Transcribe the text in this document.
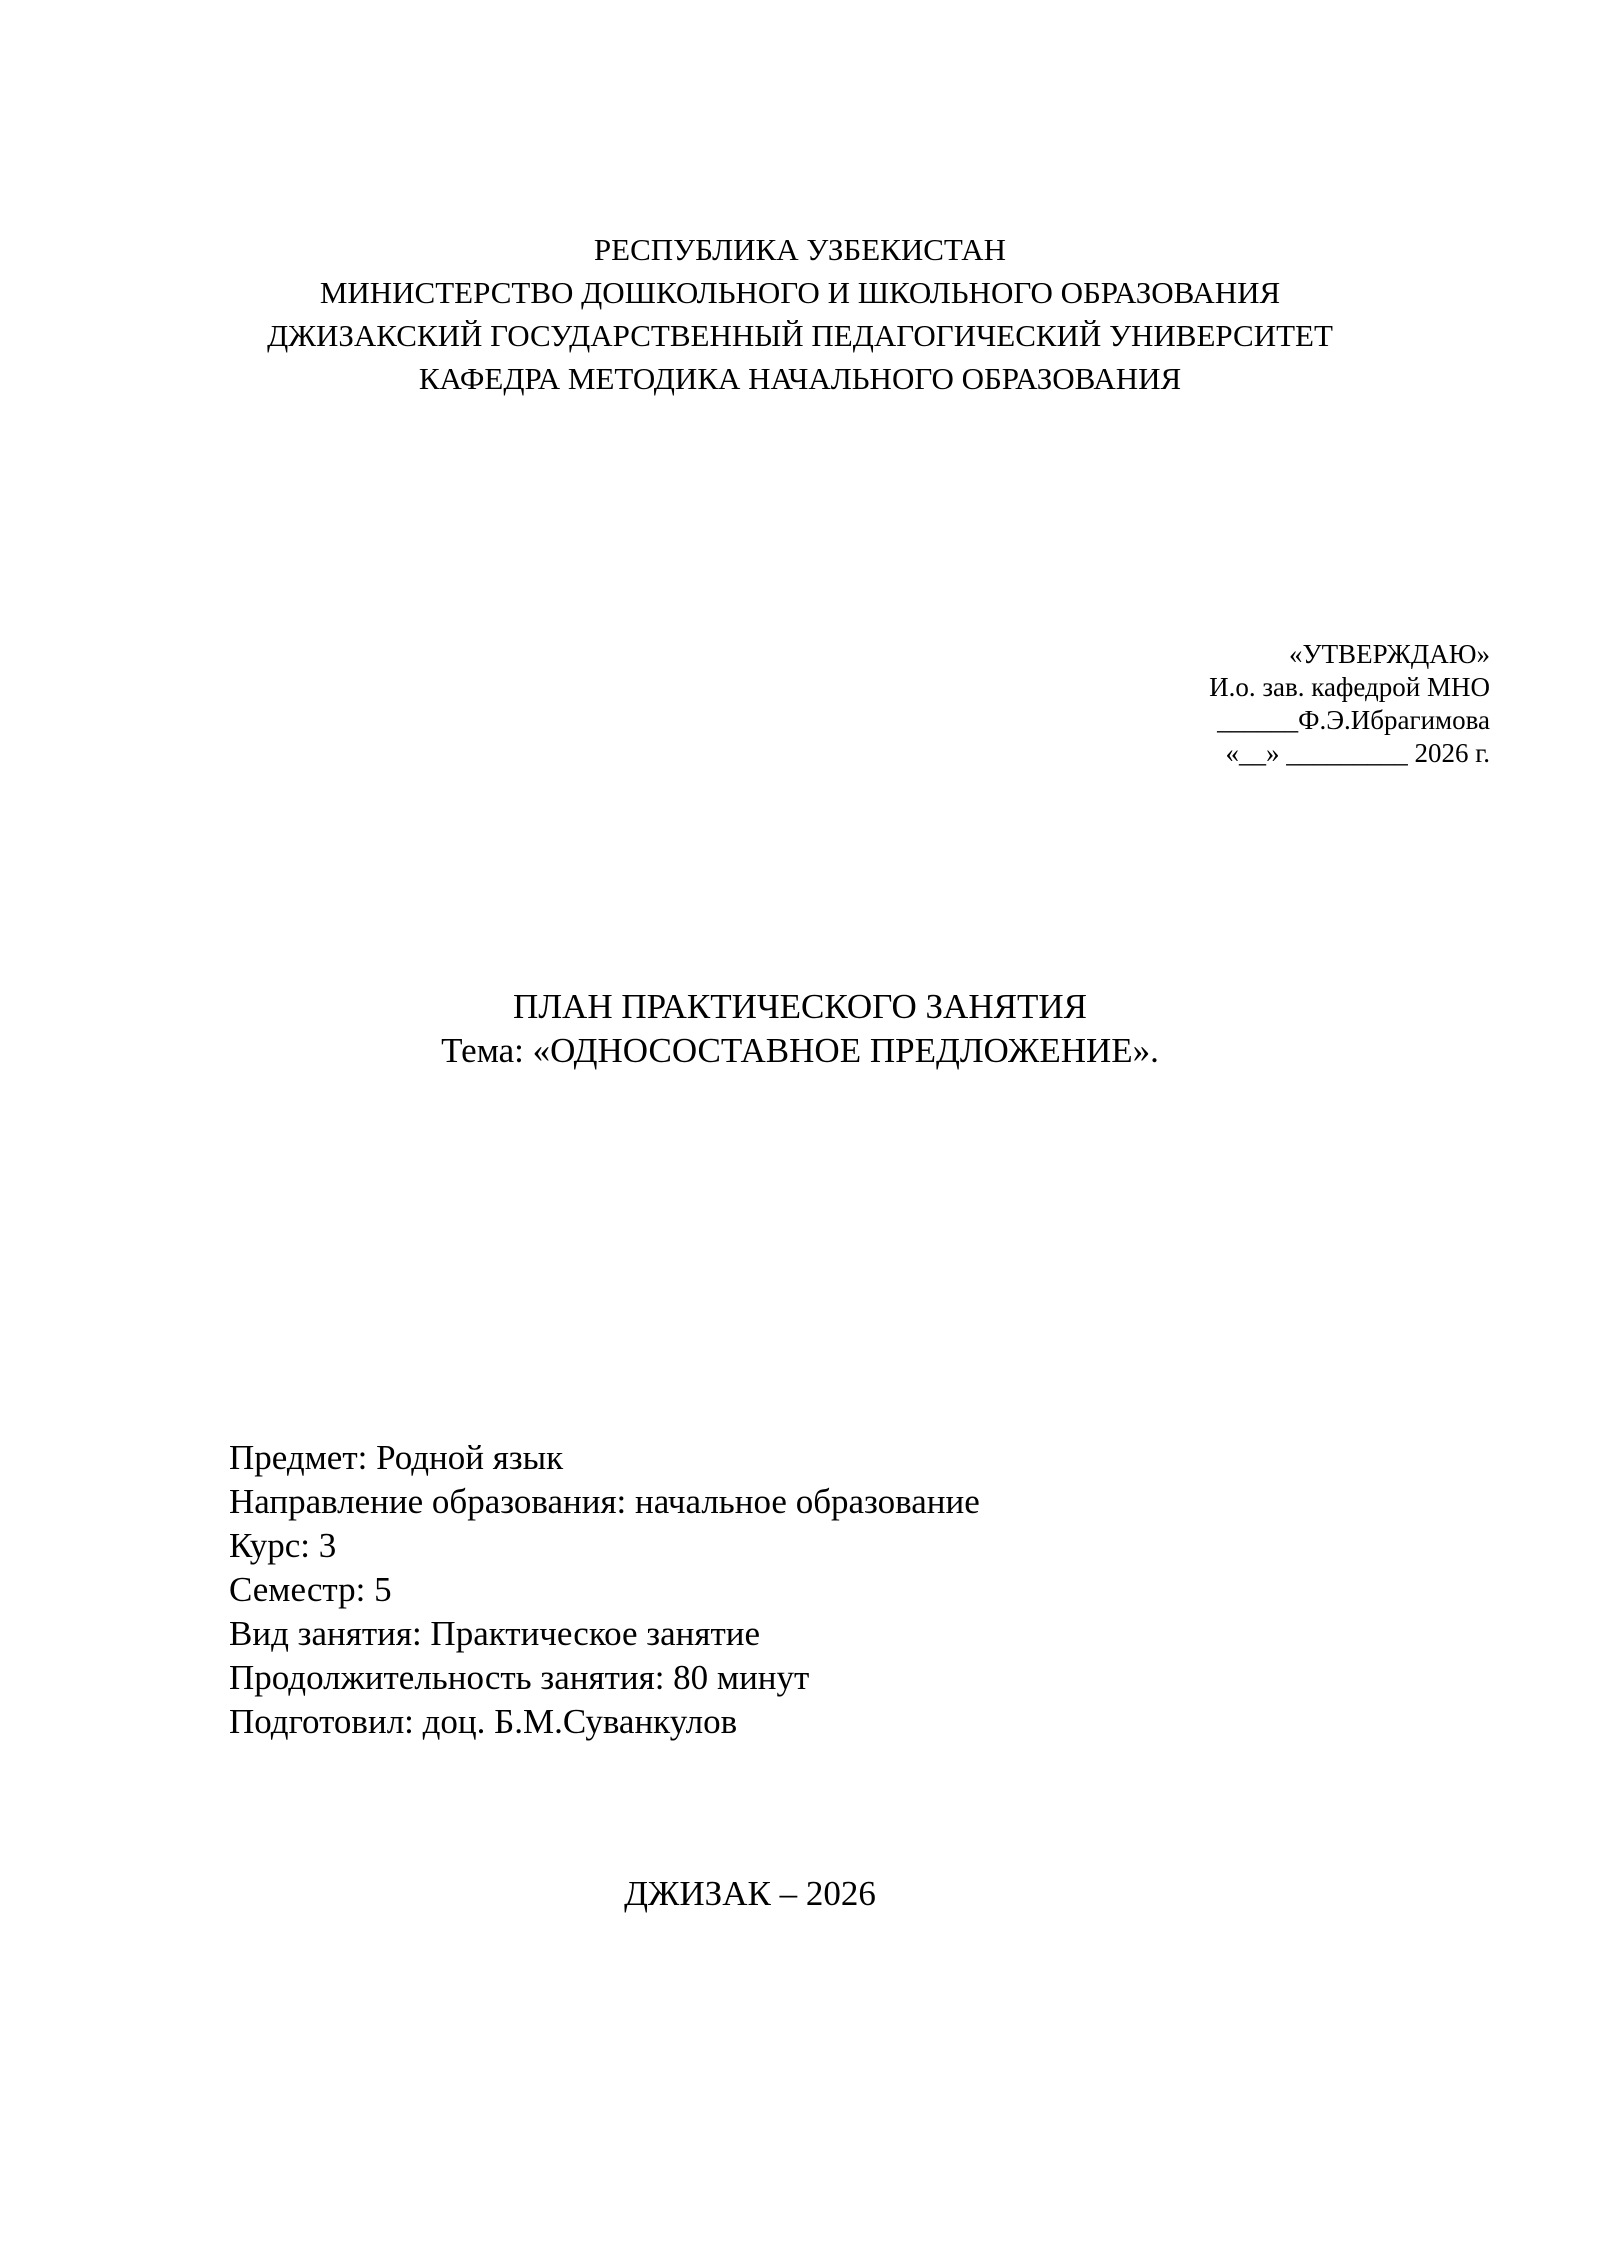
РЕСПУБЛИКА УЗБЕКИСТАН
МИНИСТЕРСТВО ДОШКОЛЬНОГО И ШКОЛЬНОГО ОБРАЗОВАНИЯ
ДЖИЗАКСКИЙ ГОСУДАРСТВЕННЫЙ ПЕДАГОГИЧЕСКИЙ УНИВЕРСИТЕТ
КАФЕДРА МЕТОДИКА НАЧАЛЬНОГО ОБРАЗОВАНИЯ
«УТВЕРЖДАЮ»
И.о. зав. кафедрой МНО
______Ф.Э.Ибрагимова
«__» _________ 2026 г.
ПЛАН ПРАКТИЧЕСКОГО ЗАНЯТИЯ
Тема: «ОДНОСОСТАВНОЕ ПРЕДЛОЖЕНИЕ».
Предмет: Родной язык
Направление образования: начальное образование
Курс: 3
Семестр: 5
Вид занятия: Практическое занятие
Продолжительность занятия: 80 минут
Подготовил: доц. Б.М.Суванкулов
ДЖИЗАК – 2026
